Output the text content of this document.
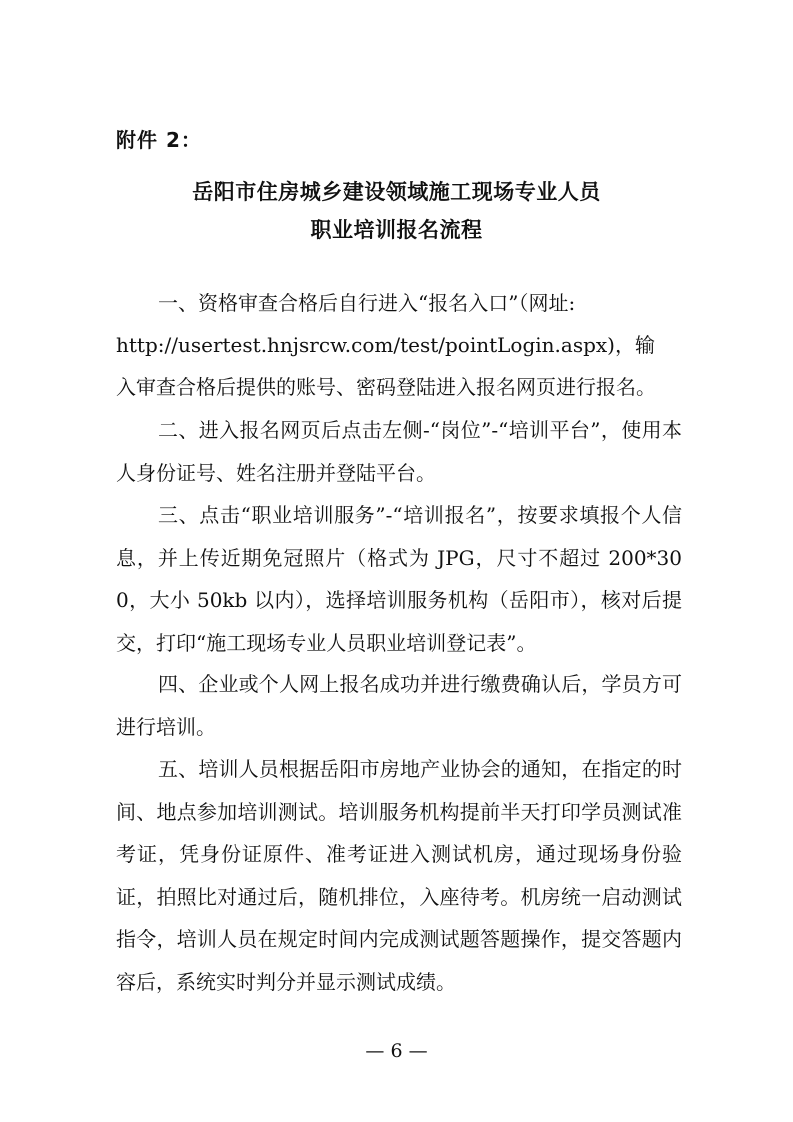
附件 2：
岳阳市住房城乡建设领域施工现场专业人员
职业培训报名流程

一、资格审查合格后自行进入“报名入口”（网址:

http://usertest.hnjsrcw.com/test/pointLogin.aspx)，输

入审查合格后提供的账号、密码登陆进入报名网页进行报名。

二、进入报名网页后点击左侧-“岗位”-“培训平台”，使用本人身份证号、姓名注册并登陆平台。

三、点击“职业培训服务”-“培训报名”，按要求填报个人信息，并上传近期免冠照片（格式为 JPG，尺寸不超过 200*300，大小 50kb 以内），选择培训服务机构（岳阳市），核对后提交，打印“施工现场专业人员职业培训登记表”。

四、企业或个人网上报名成功并进行缴费确认后，学员方可进行培训。

五、培训人员根据岳阳市房地产业协会的通知，在指定的时间、地点参加培训测试。培训服务机构提前半天打印学员测试准考证，凭身份证原件、准考证进入测试机房，通过现场身份验证，拍照比对通过后，随机排位，入座待考。机房统一启动测试指令，培训人员在规定时间内完成测试题答题操作，提交答题内容后，系统实时判分并显示测试成绩。

— 6 —
